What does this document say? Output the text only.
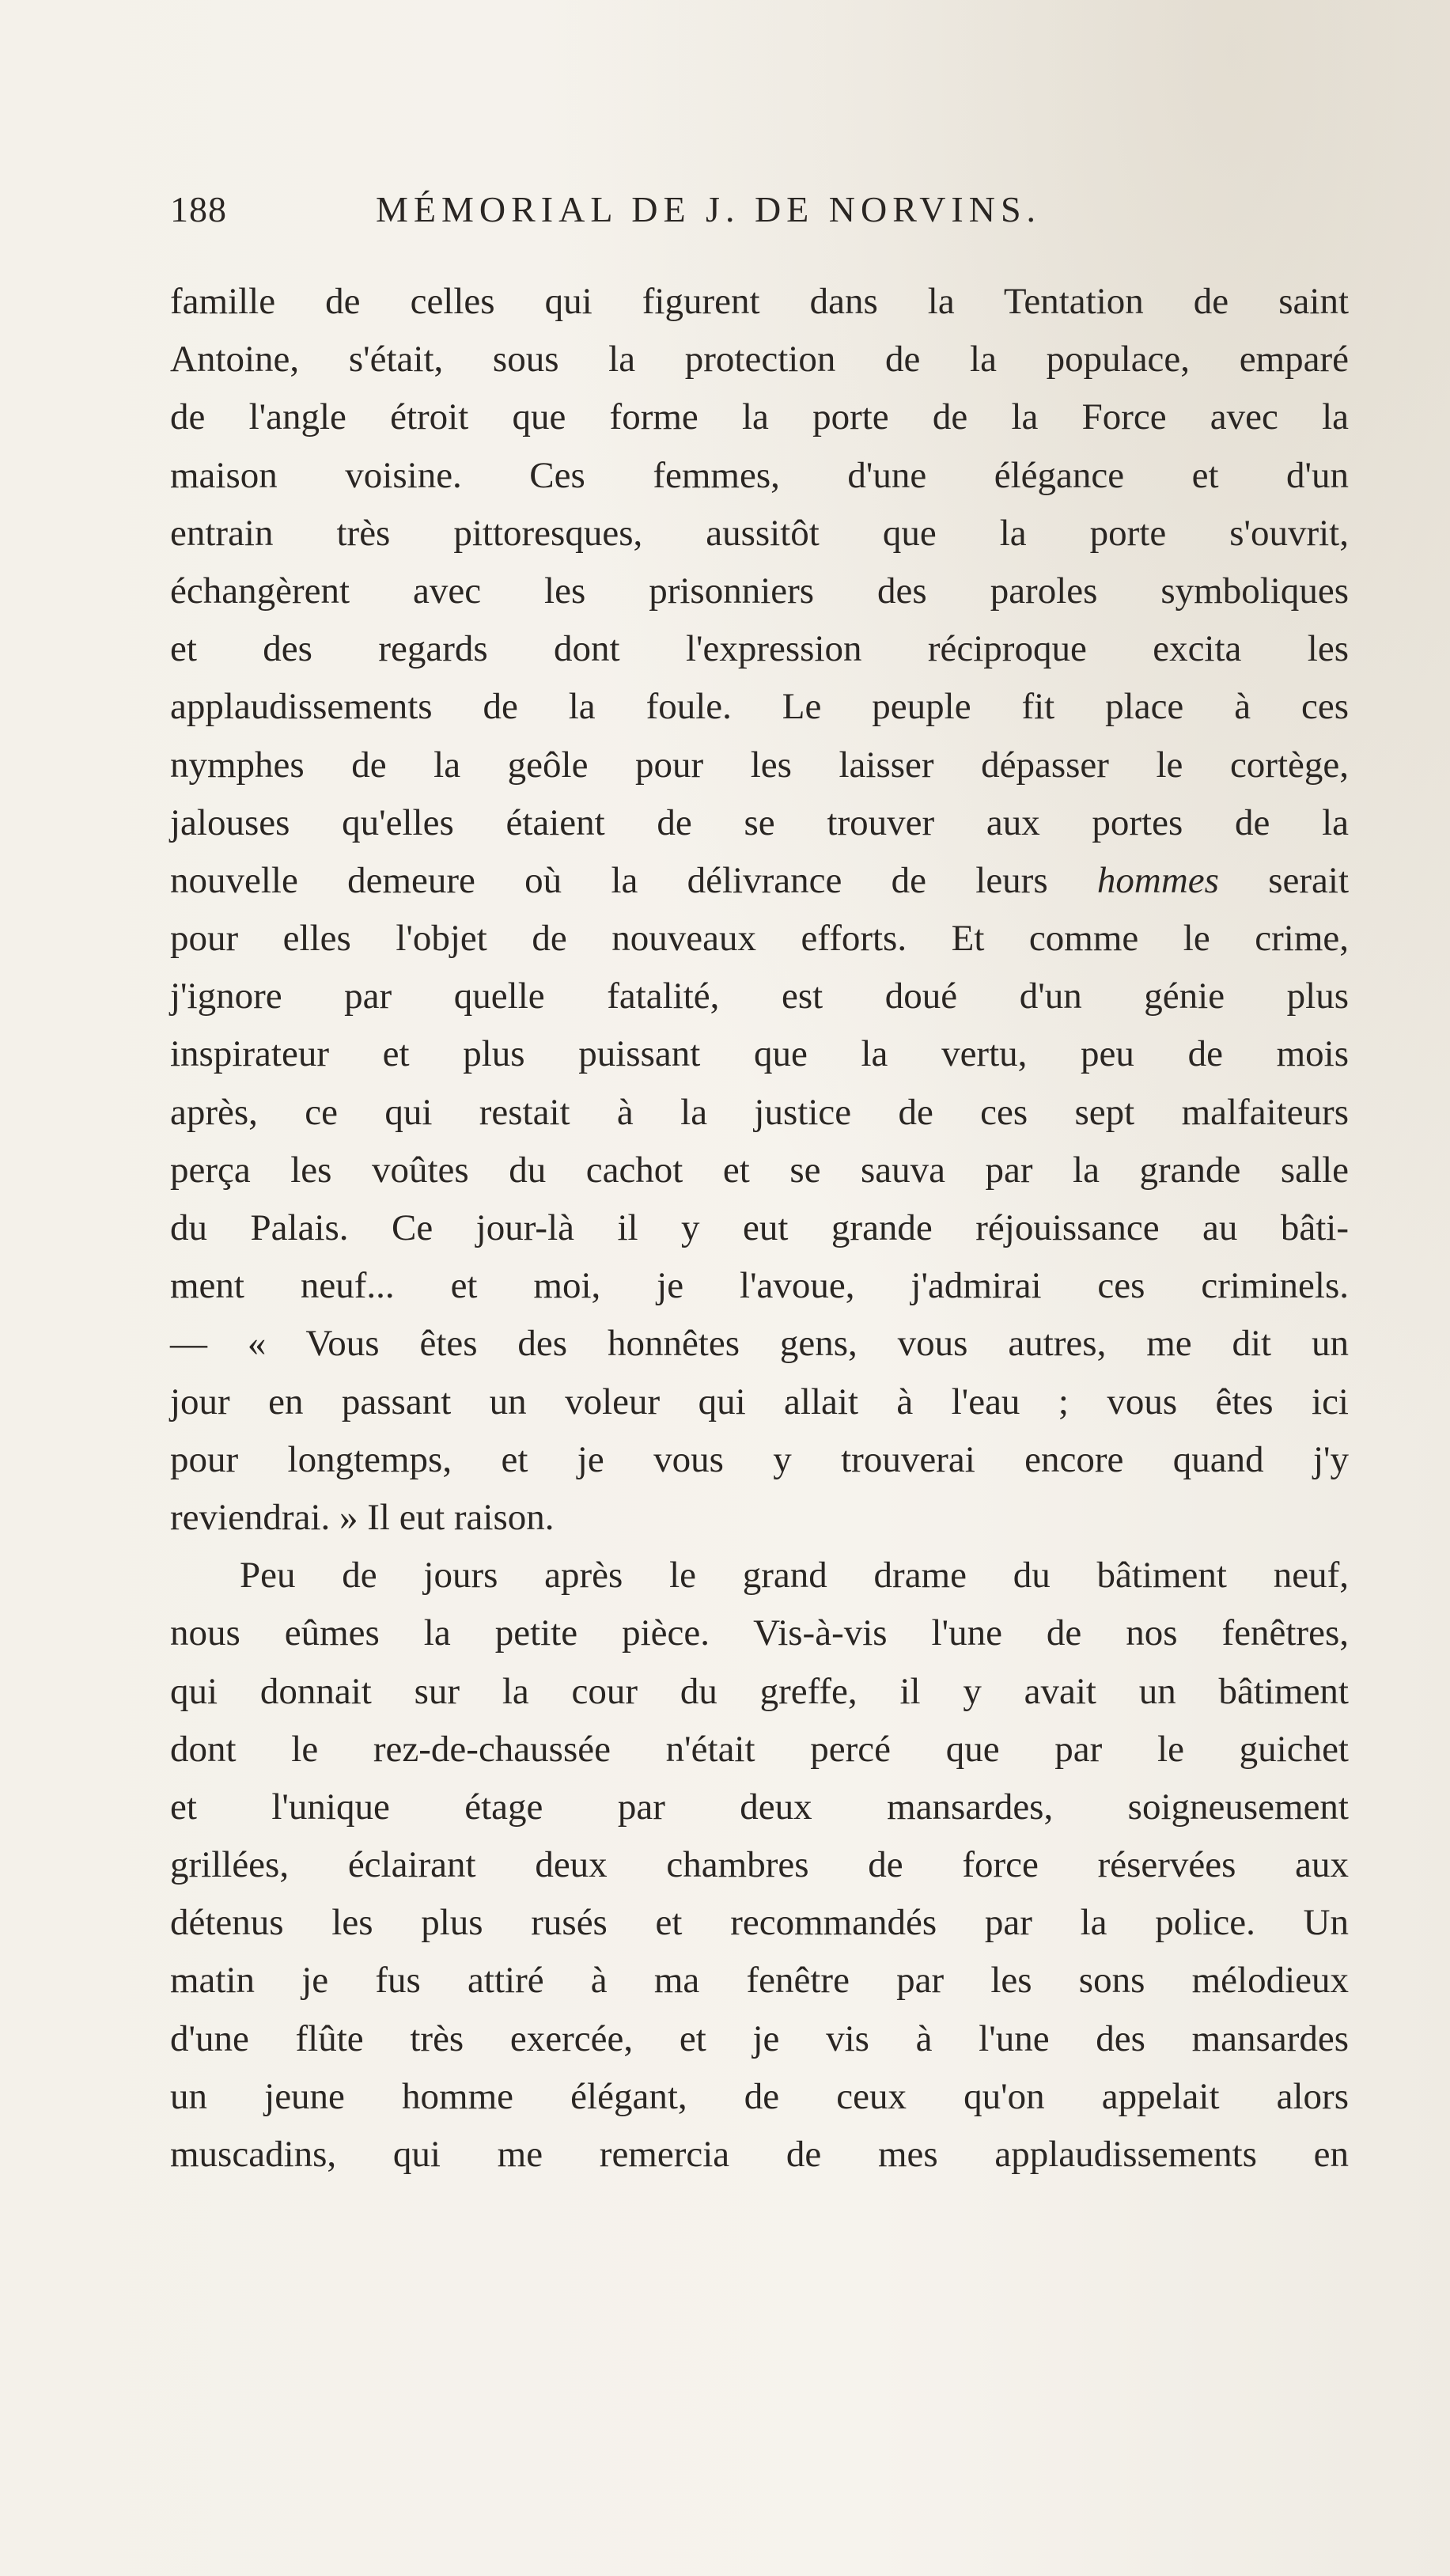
188	MÉMORIAL DE J. DE NORVINS.
famille de celles qui figurent dans la Tentation de saint
Antoine, s'était, sous la protection de la populace, emparé
de l'angle étroit que forme la porte de la Force avec la
maison voisine. Ces femmes, d'une élégance et d'un
entrain très pittoresques, aussitôt que la porte s'ouvrit,
échangèrent avec les prisonniers des paroles symboliques
et des regards dont l'expression réciproque excita les
applaudissements de la foule. Le peuple fit place à ces
nymphes de la geôle pour les laisser dépasser le cortège,
jalouses qu'elles étaient de se trouver aux portes de la
nouvelle demeure où la délivrance de leurs hommes serait
pour elles l'objet de nouveaux efforts. Et comme le crime,
j'ignore par quelle fatalité, est doué d'un génie plus
inspirateur et plus puissant que la vertu, peu de mois
après, ce qui restait à la justice de ces sept malfaiteurs
perça les voûtes du cachot et se sauva par la grande salle
du Palais. Ce jour-là il y eut grande réjouissance au bâti-
ment neuf... et moi, je l'avoue, j'admirai ces criminels.
— « Vous êtes des honnêtes gens, vous autres, me dit un
jour en passant un voleur qui allait à l'eau ; vous êtes ici
pour longtemps, et je vous y trouverai encore quand j'y
reviendrai. » Il eut raison.
Peu de jours après le grand drame du bâtiment neuf,
nous eûmes la petite pièce. Vis-à-vis l'une de nos fenêtres,
qui donnait sur la cour du greffe, il y avait un bâtiment
dont le rez-de-chaussée n'était percé que par le guichet
et l'unique étage par deux mansardes, soigneusement
grillées, éclairant deux chambres de force réservées aux
détenus les plus rusés et recommandés par la police. Un
matin je fus attiré à ma fenêtre par les sons mélodieux
d'une flûte très exercée, et je vis à l'une des mansardes
un jeune homme élégant, de ceux qu'on appelait alors
muscadins, qui me remercia de mes applaudissements en
